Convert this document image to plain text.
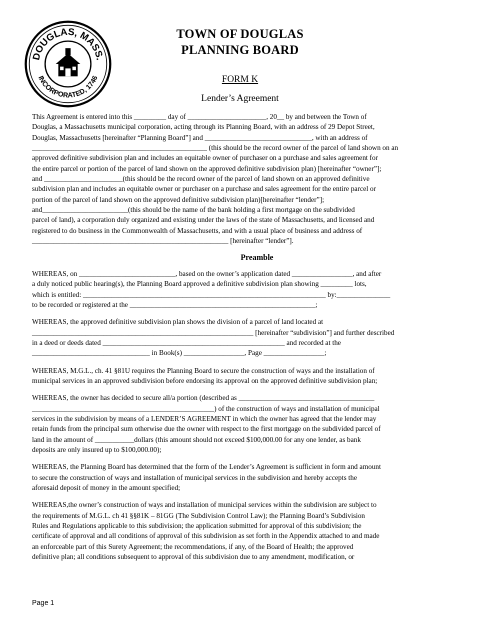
DOUGLAS, MASS.
INCORPORATED, 1746
TOWN OF DOUGLAS
PLANNING BOARD
FORM K
Lender’s Agreement

This Agreement is entered into this _________ day of ______________________, 20__ by and between the Town of
Douglas, a Massachusetts municipal corporation, acting through its Planning Board, with an address of 29 Depot Street,
Douglas, Massachusetts [hereinafter “Planning Board”] and ______________________________, with an address of
_________________________________________________ (this should be the record owner of the parcel of land shown on an
approved definitive subdivision plan and includes an equitable owner of purchaser on a purchase and sales agreement for
the entire parcel or portion of the parcel of land shown on the approved definitive subdivision plan) [hereinafter “owner”];
and ______________________(this should be the record owner of the parcel of land shown on an approved definitive
subdivision plan and includes an equitable owner or purchaser on a purchase and sales agreement for the entire parcel or
portion of the parcel of land shown on the approved definitive subdivision plan)[hereinafter “lender”];
and________________________(this should be the name of the bank holding a first mortgage on the subdivided
parcel of land), a corporation duly organized and existing under the laws of the state of Massachusetts, and licensed and
registered to do business in the Commonwealth of Massachusetts, and with a usual place of business and address of
_______________________________________________________ [hereinafter “lender”].

Preamble

WHEREAS, on ___________________________, based on the owner’s application dated _________________, and after
a duly noticed public hearing(s), the Planning Board approved a definitive subdivision plan showing _________ lots,
which is entitled: ____________________________________________________________________ by:_______________
to be recorded or registered at the ____________________________________________________;

WHEREAS, the approved definitive subdivision plan shows the division of a parcel of land located at
______________________________________________________________ [hereinafter “subdivision”] and further described
in a deed or deeds dated ___________________________________________________ and recorded at the
_________________________________ in Book(s) _________________, Page _________________;

WHEREAS, M.G.L., ch. 41 §81U requires the Planning Board to secure the construction of ways and the installation of
municipal services in an approved subdivision before endorsing its approval on the approved definitive subdivision plan;

WHEREAS, the owner has decided to secure all/a portion (described as ______________________________________
___________________________________________________) of the construction of ways and installation of municipal
services in the subdivision by means of a LENDER’S AGREEMENT in which the owner has agreed that the lender may
retain funds from the principal sum otherwise due the owner with respect to the first mortgage on the subdivided parcel of
land in the amount of ___________dollars (this amount should not exceed $100,000.00 for any one lender, as bank
deposits are only insured up to $100,000.00);

WHEREAS, the Planning Board has determined that the form of the Lender’s Agreement is sufficient in form and amount
to secure the construction of ways and installation of municipal services in the subdivision and hereby accepts the
aforesaid deposit of money in the amount specified;

WHEREAS,the owner’s construction of ways and installation of municipal services within the subdivision are subject to
the requirements of M.G.L. ch 41 §§81K – 81GG (The Subdivision Control Law); the Planning Board’s Subdivision
Rules and Regulations applicable to this subdivision; the application submitted for approval of this subdivision; the
certificate of approval and all conditions of approval of this subdivision as set forth in the Appendix attached to and made
an enforceable part of this Surety Agreement; the recommendations, if any, of the Board of Health; the approved
definitive plan; all conditions subsequent to approval of this subdivision due to any amendment, modification, or

Page 1
